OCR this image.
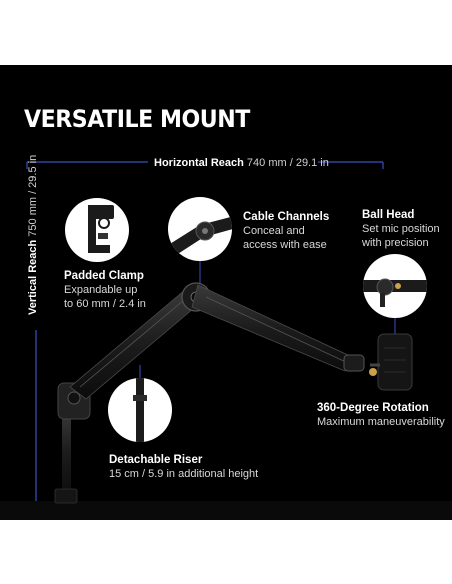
VERSATILE MOUNT
Horizontal Reach 740 mm / 29.1 in
Vertical Reach 750 mm / 29.5 in
Padded Clamp
Expandable up
to 60 mm / 2.4 in
Cable Channels
Conceal and
access with ease
Ball Head
Set mic position
with precision
360-Degree Rotation
Maximum maneuverability
Detachable Riser
15 cm / 5.9 in additional height
